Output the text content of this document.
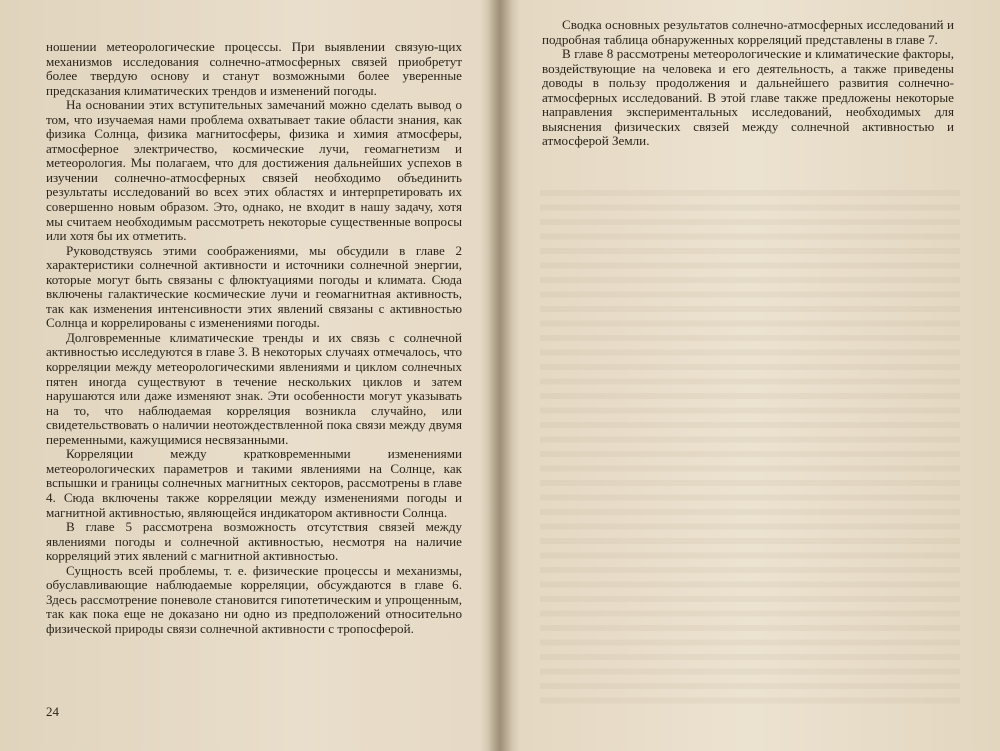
ношении метеорологические процессы. При выявлении связую-щих механизмов исследования солнечно-атмосферных связей приобретут более твердую основу и станут возможными более уверенные предсказания климатических трендов и изменений погоды.

На основании этих вступительных замечаний можно сделать вывод о том, что изучаемая нами проблема охватывает такие области знания, как физика Солнца, физика магнитосферы, физика и химия атмосферы, атмосферное электричество, космические лучи, геомагнетизм и метеорология. Мы полагаем, что для достижения дальнейших успехов в изучении солнечно-атмосферных связей необходимо объединить результаты исследований во всех этих областях и интерпретировать их совершенно новым образом. Это, однако, не входит в нашу задачу, хотя мы считаем необходимым рассмотреть некоторые существенные вопросы или хотя бы их отметить.

Руководствуясь этими соображениями, мы обсудили в главе 2 характеристики солнечной активности и источники солнечной энергии, которые могут быть связаны с флюктуациями погоды и климата. Сюда включены галактические космические лучи и геомагнитная активность, так как изменения интенсивности этих явлений связаны с активностью Солнца и коррелированы с изменениями погоды.

Долговременные климатические тренды и их связь с солнечной активностью исследуются в главе 3. В некоторых случаях отмечалось, что корреляции между метеорологическими явлениями и циклом солнечных пятен иногда существуют в течение нескольких циклов и затем нарушаются или даже изменяют знак. Эти особенности могут указывать на то, что наблюдаемая корреляция возникла случайно, или свидетельствовать о наличии неотождествленной пока связи между двумя переменными, кажущимися несвязанными.

Корреляции между кратковременными изменениями метеорологических параметров и такими явлениями на Солнце, как вспышки и границы солнечных магнитных секторов, рассмотрены в главе 4. Сюда включены также корреляции между изменениями погоды и магнитной активностью, являющейся индикатором активности Солнца.

В главе 5 рассмотрена возможность отсутствия связей между явлениями погоды и солнечной активностью, несмотря на наличие корреляций этих явлений с магнитной активностью.

Сущность всей проблемы, т. е. физические процессы и механизмы, обуславливающие наблюдаемые корреляции, обсуждаются в главе 6. Здесь рассмотрение поневоле становится гипотетическим и упрощенным, так как пока еще не доказано ни одно из предположений относительно физической природы связи солнечной активности с тропосферой.

24

Сводка основных результатов солнечно-атмосферных исследований и подробная таблица обнаруженных корреляций представлены в главе 7.

В главе 8 рассмотрены метеорологические и климатические факторы, воздействующие на человека и его деятельность, а также приведены доводы в пользу продолжения и дальнейшего развития солнечно-атмосферных исследований. В этой главе также предложены некоторые направления экспериментальных исследований, необходимых для выяснения физических связей между солнечной активностью и атмосферой Земли.
